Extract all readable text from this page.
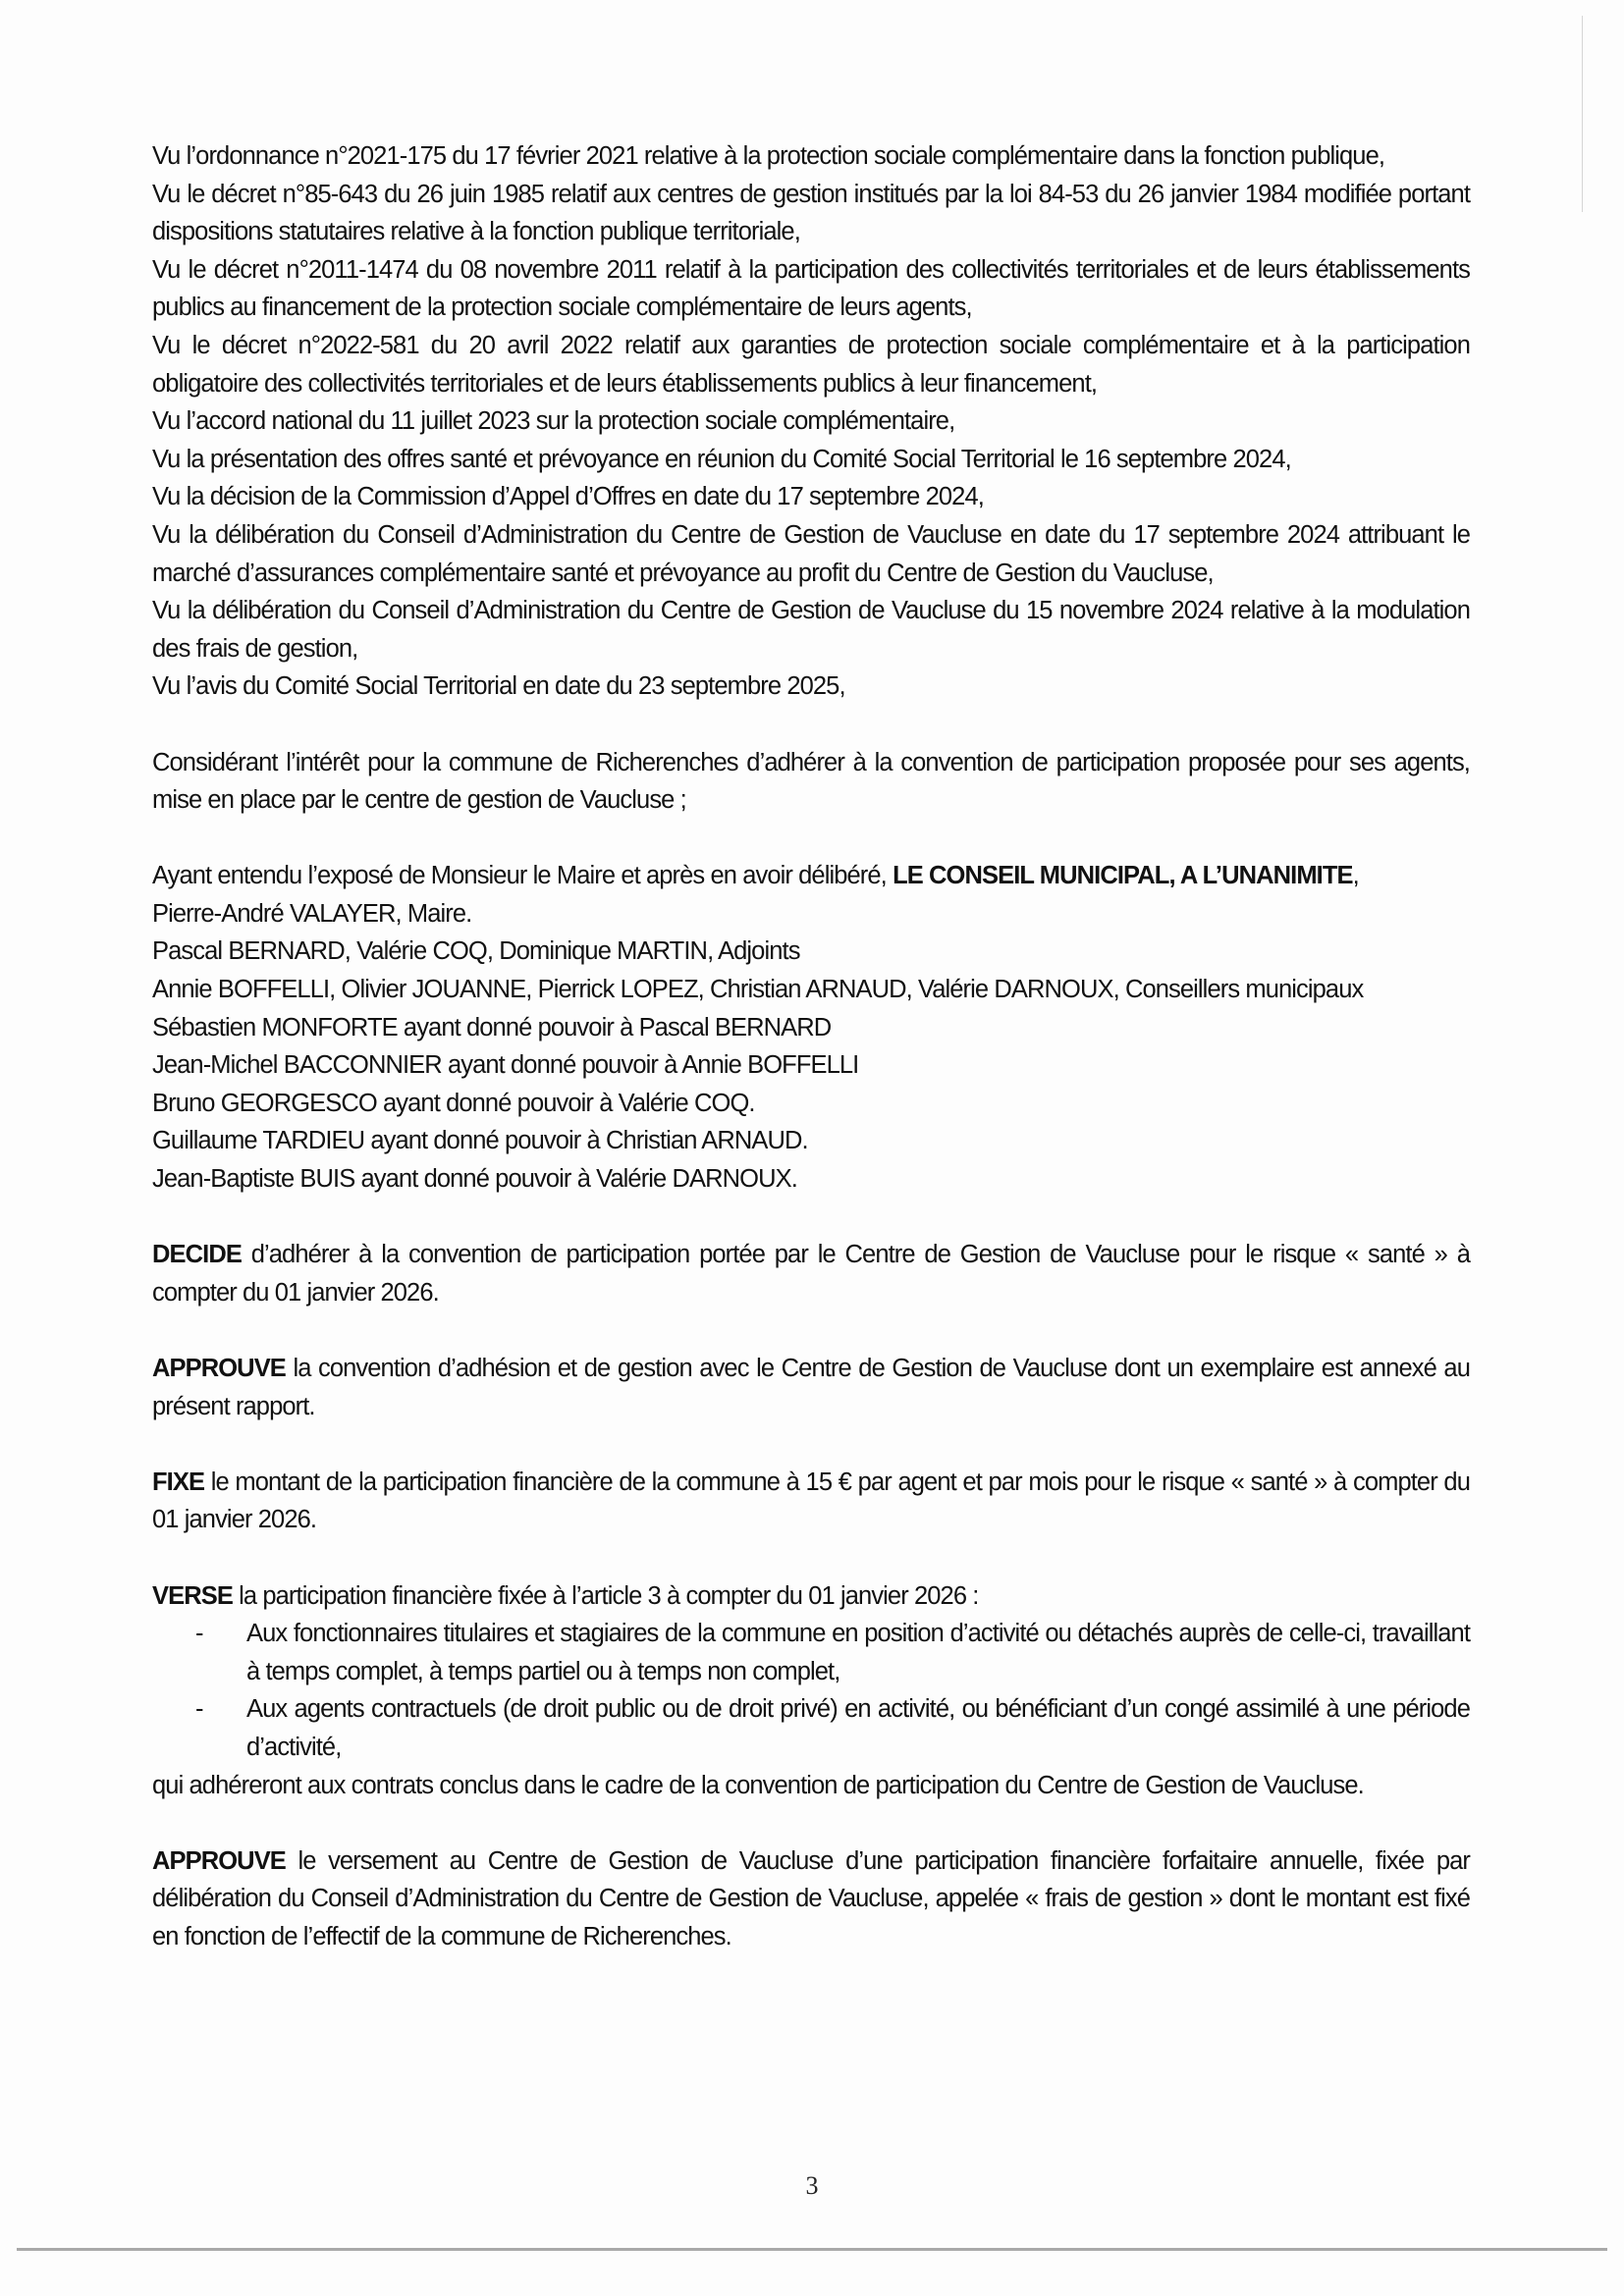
Vu l’ordonnance n°2021-175 du 17 février 2021 relative à la protection sociale complémentaire dans la fonction publique,

Vu le décret n°85-643 du 26 juin 1985 relatif aux centres de gestion institués par la loi 84-53 du 26 janvier 1984 modifiée portant dispositions statutaires relative à la fonction publique territoriale,

Vu le décret n°2011-1474 du 08 novembre 2011 relatif à la participation des collectivités territoriales et de leurs établissements publics au financement de la protection sociale complémentaire de leurs agents,

Vu le décret n°2022-581 du 20 avril 2022 relatif aux garanties de protection sociale complémentaire et à la participation obligatoire des collectivités territoriales et de leurs établissements publics à leur financement,

Vu l’accord national du 11 juillet 2023 sur la protection sociale complémentaire,

Vu la présentation des offres santé et prévoyance en réunion du Comité Social Territorial le 16 septembre 2024,

Vu la décision de la Commission d’Appel d’Offres en date du 17 septembre 2024,

Vu la délibération du Conseil d’Administration du Centre de Gestion de Vaucluse en date du 17 septembre 2024 attribuant le marché d’assurances complémentaire santé et prévoyance au profit du Centre de Gestion du Vaucluse,

Vu la délibération du Conseil d’Administration du Centre de Gestion de Vaucluse du 15 novembre 2024 relative à la modulation des frais de gestion,

Vu l’avis du Comité Social Territorial en date du 23 septembre 2025,

Considérant l’intérêt pour la commune de Richerenches d’adhérer à la convention de participation proposée pour ses agents, mise en place par le centre de gestion de Vaucluse ;

Ayant entendu l’exposé de Monsieur le Maire et après en avoir délibéré, LE CONSEIL MUNICIPAL, A L’UNANIMITE,

Pierre-André VALAYER, Maire.

Pascal BERNARD, Valérie COQ, Dominique MARTIN, Adjoints

Annie BOFFELLI, Olivier JOUANNE, Pierrick LOPEZ, Christian ARNAUD, Valérie DARNOUX, Conseillers municipaux

Sébastien MONFORTE ayant donné pouvoir à Pascal BERNARD

Jean-Michel BACCONNIER ayant donné pouvoir à Annie BOFFELLI

Bruno GEORGESCO ayant donné pouvoir à Valérie COQ.

Guillaume TARDIEU ayant donné pouvoir à Christian ARNAUD.

Jean-Baptiste BUIS ayant donné pouvoir à Valérie DARNOUX.

DECIDE d’adhérer à la convention de participation portée par le Centre de Gestion de Vaucluse pour le risque « santé » à compter du 01 janvier 2026.

APPROUVE la convention d’adhésion et de gestion avec le Centre de Gestion de Vaucluse dont un exemplaire est annexé au présent rapport.

FIXE le montant de la participation financière de la commune à 15 € par agent et par mois pour le risque « santé » à compter du 01 janvier 2026.

VERSE la participation financière fixée à l’article 3 à compter du 01 janvier 2026 :

- Aux fonctionnaires titulaires et stagiaires de la commune en position d’activité ou détachés auprès de celle-ci, travaillant à temps complet, à temps partiel ou à temps non complet,
- Aux agents contractuels (de droit public ou de droit privé) en activité, ou bénéficiant d’un congé assimilé à une période d’activité,

qui adhéreront aux contrats conclus dans le cadre de la convention de participation du Centre de Gestion de Vaucluse.

APPROUVE le versement au Centre de Gestion de Vaucluse d’une participation financière forfaitaire annuelle, fixée par délibération du Conseil d’Administration du Centre de Gestion de Vaucluse, appelée « frais de gestion » dont le montant est fixé en fonction de l’effectif de la commune de Richerenches.

3
